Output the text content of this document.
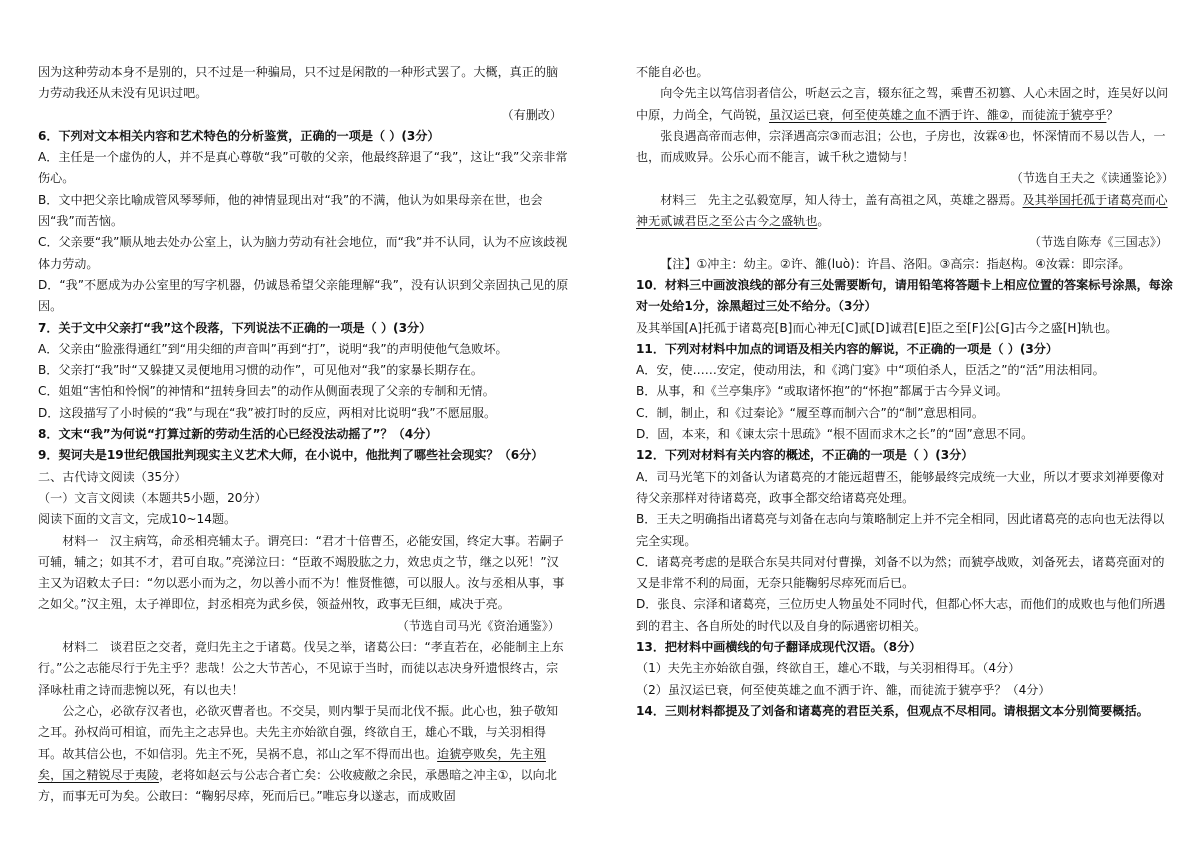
因为这种劳动本身不是别的，只不过是一种骗局，只不过是闲散的一种形式罢了。大概，真正的脑力劳动我还从未没有见识过吧。

（有删改）

6．下列对文本相关内容和艺术特色的分析鉴赏，正确的一项是（ ）(3分）

A．主任是一个虚伪的人，并不是真心尊敬“我”可敬的父亲，他最终辞退了“我”，这让“我”父亲非常伤心。

B．文中把父亲比喻成管风琴琴师，他的神情显现出对“我”的不满，他认为如果母亲在世，也会因“我”而苦恼。

C．父亲要“我”顺从地去处办公室上，认为脑力劳动有社会地位，而“我”并不认同，认为不应该歧视体力劳动。

D．“我”不愿成为办公室里的写字机器，仍诚恳希望父亲能理解“我”，没有认识到父亲固执己见的原因。

7．关于文中父亲打“我”这个段落，下列说法不正确的一项是（ ）(3分）

A．父亲由“脸涨得通红”到“用尖细的声音叫”再到“打”，说明“我”的声明使他气急败坏。

B．父亲打“我”时“又躲捷又灵便地用习惯的动作”，可见他对“我”的家暴长期存在。

C．姐姐“害怕和怜悯”的神情和“扭转身回去”的动作从侧面表现了父亲的专制和无情。

D．这段描写了小时候的“我”与现在“我”被打时的反应，两相对比说明“我”不愿屈服。

8．文末“我”为何说“打算过新的劳动生活的心已经没法动摇了”？（4分）

9．契诃夫是19世纪俄国批判现实主义艺术大师，在小说中，他批判了哪些社会现实？（6分）

二、古代诗文阅读（35分）

（一）文言文阅读（本题共5小题，20分）

阅读下面的文言文，完成10~14题。

材料一 汉主病笃，命丞相亮辅太子。谓亮曰：“君才十倍曹丕，必能安国，终定大事。若嗣子可辅，辅之；如其不才，君可自取。”亮涕泣曰：“臣敢不竭股肱之力，效忠贞之节，继之以死！”汉主又为诏敕太子曰：“勿以恶小而为之，勿以善小而不为！惟贤惟德，可以服人。汝与丞相从事，事之如父。”汉主殂，太子禅即位，封丞相亮为武乡侯，领益州牧，政事无巨细，咸决于亮。

（节选自司马光《资治通鉴》）

材料二 谈君臣之交者，竟归先主之于诸葛。伐吴之举，诸葛公曰：“孝直若在，必能制主上东行。”公之志能尽行于先主乎？悲哉！公之大节苦心，不见谅于当时，而徒以志决身歼遗恨终古，宗泽咏杜甫之诗而悲惋以死，有以也夫！

公之心，必欲存汉者也，必欲灭曹者也。不交吴，则内掣于吴而北伐不振。此心也，独子敬知之耳。孙权尚可相谊，而先主之志异也。夫先主亦始欲自强，终欲自王，雄心不戢，与关羽相得耳。故其信公也，不如信羽。先主不死，吴祸不息，祁山之军不得而出也。迨猇亭败矣，先主殂矣，国之精锐尽于夷陵，老将如赵云与公志合者亡矣：公收疲敝之余民，承愚暗之冲主①，以向北方，而事无可为矣。公敢曰：“鞠躬尽瘁，死而后已。”唯忘身以遂志，而成败固

不能自必也。

向令先主以笃信羽者信公，听赵云之言，辍东征之驾，乘曹丕初篡、人心未固之时，连吴好以问中原，力尚全，气尚锐，虽汉运已衰，何至使英雄之血不洒于许、雒②，而徒流于猇亭乎？

张良遇高帝而志伸，宗泽遇高宗③而志沮；公也，子房也，汝霖④也，怀深情而不易以告人，一也，而成败异。公乐心而不能言，诚千秋之遗恸与！

（节选自王夫之《读通鉴论》）

材料三 先主之弘毅宽厚，知人待士，盖有高祖之风，英雄之器焉。及其举国托孤于诸葛亮而心神无贰诚君臣之至公古今之盛轨也。

（节选自陈寿《三国志》）

【注】①冲主：幼主。②许、雒(luò)：许昌、洛阳。③高宗：指赵构。④汝霖：即宗泽。

10．材料三中画波浪线的部分有三处需要断句，请用铅笔将答题卡上相应位置的答案标号涂黑，每涂对一处给1分，涂黑超过三处不给分。（3分）

及其举国[A]托孤于诸葛亮[B]而心神无[C]贰[D]诚君[E]臣之至[F]公[G]古今之盛[H]轨也。

11．下列对材料中加点的词语及相关内容的解说，不正确的一项是（ ）(3分）

A．安，使……安定，使动用法，和《鸿门宴》中“项伯杀人，臣活之”的“活”用法相同。

B．从事，和《兰亭集序》“或取诸怀抱”的“怀抱”都属于古今异义词。

C．制，制止，和《过秦论》“履至尊而制六合”的“制”意思相同。

D．固，本来，和《谏太宗十思疏》“根不固而求木之长”的“固”意思不同。

12．下列对材料有关内容的概述，不正确的一项是（ ）(3分）

A．司马光笔下的刘备认为诸葛亮的才能远超曹丕，能够最终完成统一大业，所以才要求刘禅要像对待父亲那样对待诸葛亮，政事全都交给诸葛亮处理。

B．王夫之明确指出诸葛亮与刘备在志向与策略制定上并不完全相同，因此诸葛亮的志向也无法得以完全实现。

C．诸葛亮考虑的是联合东吴共同对付曹操，刘备不以为然；而猇亭战败，刘备死去，诸葛亮面对的又是非常不利的局面，无奈只能鞠躬尽瘁死而后已。

D．张良、宗泽和诸葛亮，三位历史人物虽处不同时代，但都心怀大志，而他们的成败也与他们所遇到的君主、各自所处的时代以及自身的际遇密切相关。

13．把材料中画横线的句子翻译成现代汉语。（8分）

（1）夫先主亦始欲自强，终欲自王，雄心不戢，与关羽相得耳。（4分）

（2）虽汉运已衰，何至使英雄之血不洒于许、雒，而徒流于猇亭乎？（4分）

14．三则材料都提及了刘备和诸葛亮的君臣关系，但观点不尽相同。请根据文本分别简要概括。
